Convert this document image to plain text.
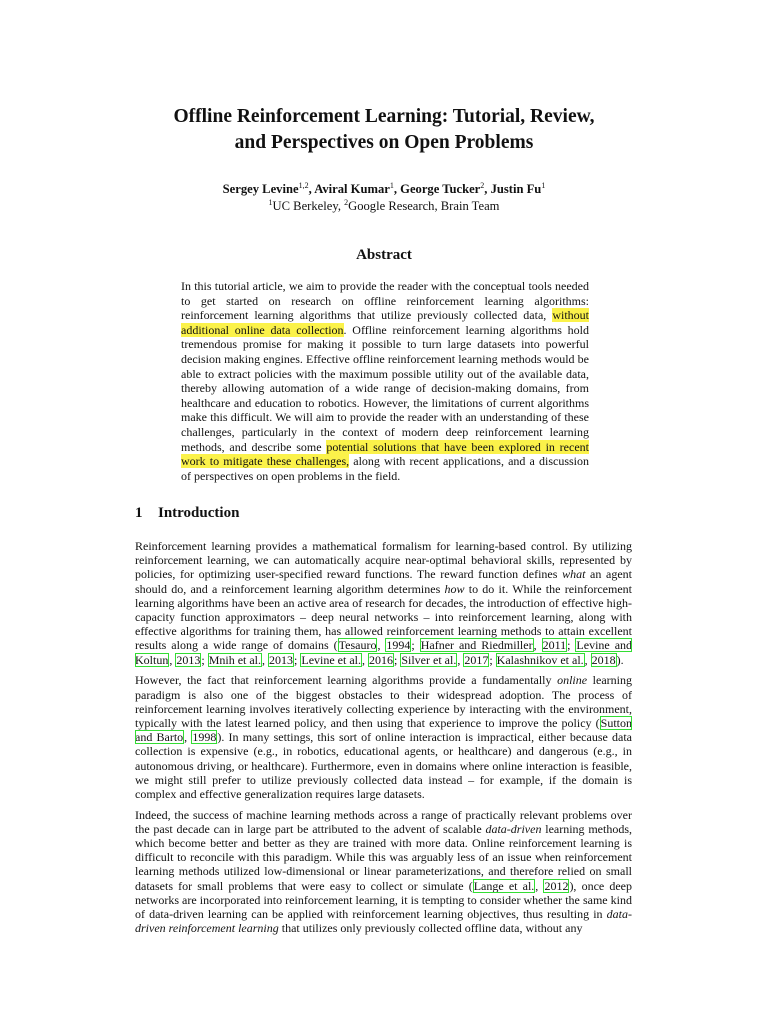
Offline Reinforcement Learning: Tutorial, Review,
and Perspectives on Open Problems
Sergey Levine$^{1,2}$, Aviral Kumar$^1$, George Tucker$^2$, Justin Fu$^1$
$^1$UC Berkeley, $^2$Google Research, Brain Team
Abstract
In this tutorial article, we aim to provide the reader with the conceptual tools needed to get started on research on offline reinforcement learning algorithms: reinforcement learning algorithms that utilize previously collected data, without additional online data collection. Offline reinforcement learning algorithms hold tremendous promise for making it possible to turn large datasets into powerful decision making engines. Effective offline reinforcement learning methods would be able to extract policies with the maximum possible utility out of the available data, thereby allowing automation of a wide range of decision-making domains, from healthcare and education to robotics. However, the limitations of current algorithms make this difficult. We will aim to provide the reader with an understanding of these challenges, particularly in the context of modern deep reinforcement learning methods, and describe some potential solutions that have been explored in recent work to mitigate these challenges, along with recent applications, and a discussion of perspectives on open problems in the field.
1 Introduction

Reinforcement learning provides a mathematical formalism for learning-based control. By utilizing reinforcement learning, we can automatically acquire near-optimal behavioral skills, represented by policies, for optimizing user-specified reward functions. The reward function defines what an agent should do, and a reinforcement learning algorithm determines how to do it. While the reinforcement learning algorithms have been an active area of research for decades, the introduction of effective high-capacity function approximators – deep neural networks – into reinforcement learning, along with effective algorithms for training them, has allowed reinforcement learning methods to attain excellent results along a wide range of domains (Tesauro, 1994; Hafner and Riedmiller, 2011; Levine and Koltun, 2013; Mnih et al., 2013; Levine et al., 2016; Silver et al., 2017; Kalashnikov et al., 2018).

However, the fact that reinforcement learning algorithms provide a fundamentally online learning paradigm is also one of the biggest obstacles to their widespread adoption. The process of reinforcement learning involves iteratively collecting experience by interacting with the environment, typically with the latest learned policy, and then using that experience to improve the policy (Sutton and Barto, 1998). In many settings, this sort of online interaction is impractical, either because data collection is expensive (e.g., in robotics, educational agents, or healthcare) and dangerous (e.g., in autonomous driving, or healthcare). Furthermore, even in domains where online interaction is feasible, we might still prefer to utilize previously collected data instead – for example, if the domain is complex and effective generalization requires large datasets.

Indeed, the success of machine learning methods across a range of practically relevant problems over the past decade can in large part be attributed to the advent of scalable data-driven learning methods, which become better and better as they are trained with more data. Online reinforcement learning is difficult to reconcile with this paradigm. While this was arguably less of an issue when reinforcement learning methods utilized low-dimensional or linear parameterizations, and therefore relied on small datasets for small problems that were easy to collect or simulate (Lange et al., 2012), once deep networks are incorporated into reinforcement learning, it is tempting to consider whether the same kind of data-driven learning can be applied with reinforcement learning objectives, thus resulting in data-driven reinforcement learning that utilizes only previously collected offline data, without any
